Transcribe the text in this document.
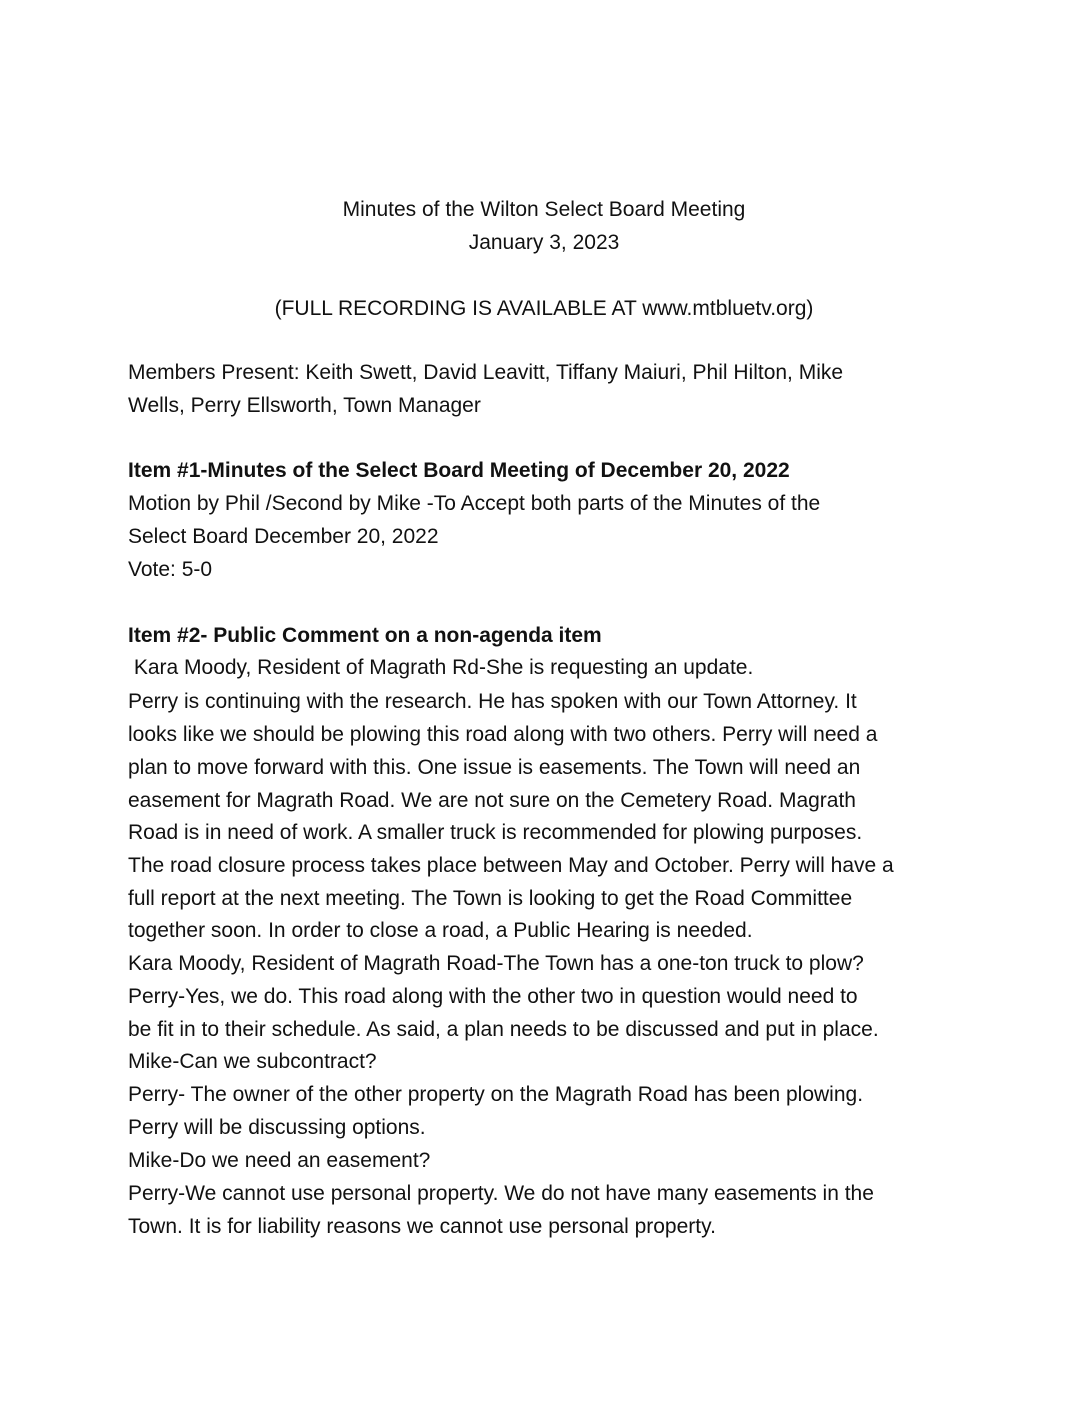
Minutes of the Wilton Select Board Meeting
January 3, 2023
(FULL RECORDING IS AVAILABLE AT www.mtbluetv.org)
Members Present: Keith Swett, David Leavitt, Tiffany Maiuri, Phil Hilton, Mike
Wells, Perry Ellsworth, Town Manager
Item #1-Minutes of the Select Board Meeting of December 20, 2022
Motion by Phil /Second by Mike -To Accept both parts of the Minutes of the
Select Board December 20, 2022
Vote: 5-0
Item #2- Public Comment on a non-agenda item
Kara Moody, Resident of Magrath Rd-She is requesting an update.
Perry is continuing with the research. He has spoken with our Town Attorney. It
looks like we should be plowing this road along with two others. Perry will need a
plan to move forward with this. One issue is easements. The Town will need an
easement for Magrath Road. We are not sure on the Cemetery Road. Magrath
Road is in need of work. A smaller truck is recommended for plowing purposes.
The road closure process takes place between May and October. Perry will have a
full report at the next meeting. The Town is looking to get the Road Committee
together soon. In order to close a road, a Public Hearing is needed.
Kara Moody, Resident of Magrath Road-The Town has a one-ton truck to plow?
Perry-Yes, we do. This road along with the other two in question would need to
be fit in to their schedule. As said, a plan needs to be discussed and put in place.
Mike-Can we subcontract?
Perry- The owner of the other property on the Magrath Road has been plowing.
Perry will be discussing options.
Mike-Do we need an easement?
Perry-We cannot use personal property. We do not have many easements in the
Town. It is for liability reasons we cannot use personal property.
